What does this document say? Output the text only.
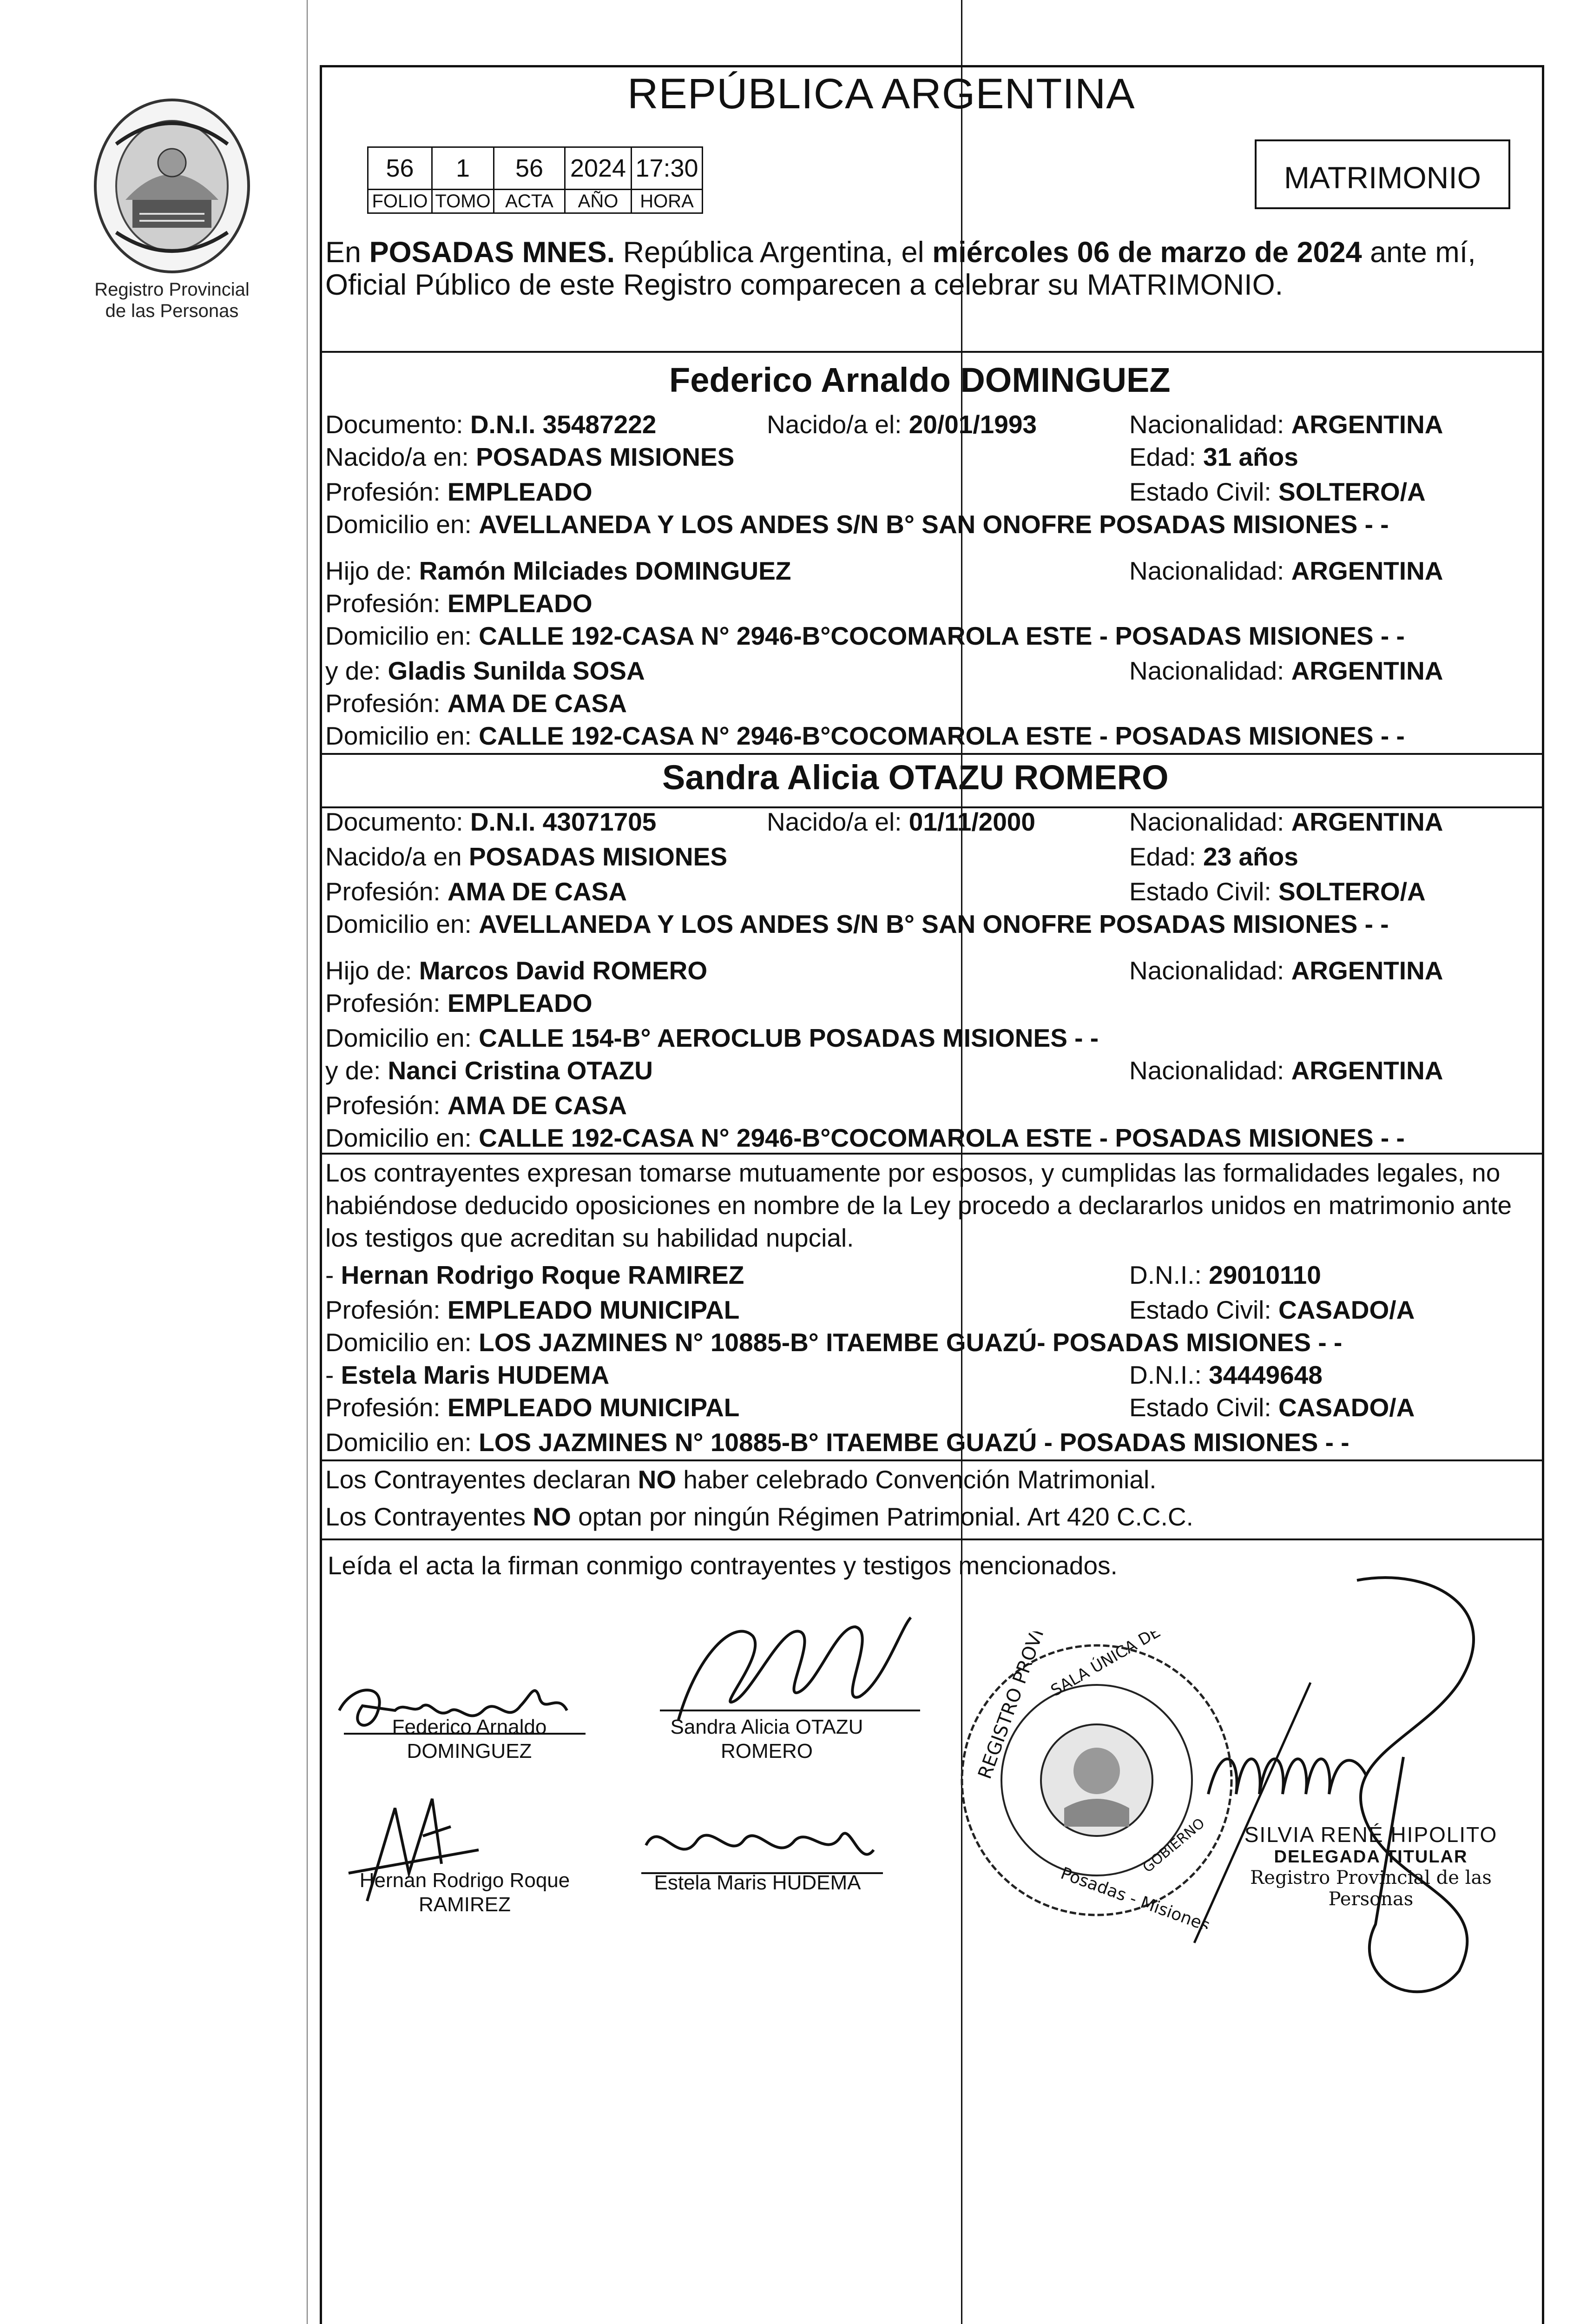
Registro Provincial
de las Personas
REPÚBLICA ARGENTINA
56	1	56	2024	17:30
FOLIO	TOMO	ACTA	AÑO	HORA
MATRIMONIO
En POSADAS MNES. República Argentina, el miércoles 06 de marzo de 2024 ante mí,
Oficial Público de este Registro comparecen a celebrar su MATRIMONIO.
Federico Arnaldo DOMINGUEZ
Documento: D.N.I. 35487222	Nacido/a el: 20/01/1993	Nacionalidad: ARGENTINA
Nacido/a en: POSADAS MISIONES	Edad: 31 años
Profesión: EMPLEADO	Estado Civil: SOLTERO/A
Domicilio en: AVELLANEDA Y LOS ANDES S/N B° SAN ONOFRE POSADAS MISIONES - -
Hijo de: Ramón Milciades DOMINGUEZ	Nacionalidad: ARGENTINA
Profesión: EMPLEADO
Domicilio en: CALLE 192-CASA N° 2946-B°COCOMAROLA ESTE - POSADAS MISIONES - -
y de: Gladis Sunilda SOSA	Nacionalidad: ARGENTINA
Profesión: AMA DE CASA
Domicilio en: CALLE 192-CASA N° 2946-B°COCOMAROLA ESTE - POSADAS MISIONES - -
Sandra Alicia OTAZU ROMERO
Documento: D.N.I. 43071705	Nacido/a el: 01/11/2000	Nacionalidad: ARGENTINA
Nacido/a en POSADAS MISIONES	Edad: 23 años
Profesión: AMA DE CASA	Estado Civil: SOLTERO/A
Domicilio en: AVELLANEDA Y LOS ANDES S/N B° SAN ONOFRE POSADAS MISIONES - -
Hijo de: Marcos David ROMERO	Nacionalidad: ARGENTINA
Profesión: EMPLEADO
Domicilio en: CALLE 154-B° AEROCLUB POSADAS MISIONES - -
y de: Nanci Cristina OTAZU	Nacionalidad: ARGENTINA
Profesión: AMA DE CASA
Domicilio en: CALLE 192-CASA N° 2946-B°COCOMAROLA ESTE - POSADAS MISIONES - -
Los contrayentes expresan tomarse mutuamente por esposos, y cumplidas las formalidades legales, no
habiéndose deducido oposiciones en nombre de la Ley procedo a declararlos unidos en matrimonio ante
los testigos que acreditan su habilidad nupcial.
- Hernan Rodrigo Roque RAMIREZ	D.N.I.: 29010110
Profesión: EMPLEADO MUNICIPAL	Estado Civil: CASADO/A
Domicilio en: LOS JAZMINES N° 10885-B° ITAEMBE GUAZÚ- POSADAS MISIONES - -
- Estela Maris HUDEMA	D.N.I.: 34449648
Profesión: EMPLEADO MUNICIPAL	Estado Civil: CASADO/A
Domicilio en: LOS JAZMINES N° 10885-B° ITAEMBE GUAZÚ - POSADAS MISIONES - -
Los Contrayentes declaran NO haber celebrado Convención Matrimonial.
Los Contrayentes NO optan por ningún Régimen Patrimonial. Art 420 C.C.C.
Leída el acta la firman conmigo contrayentes y testigos mencionados.
Federico Arnaldo
DOMINGUEZ
Sandra Alicia OTAZU
ROMERO
Hernan Rodrigo Roque
RAMIREZ
Estela Maris HUDEMA
SALA ÚNICA DE
Posadas - Misiones
GOBIERNO	SILVIA RENÉ HIPOLITO
DELEGADA TITULAR
Registro Provincial de las Personas
